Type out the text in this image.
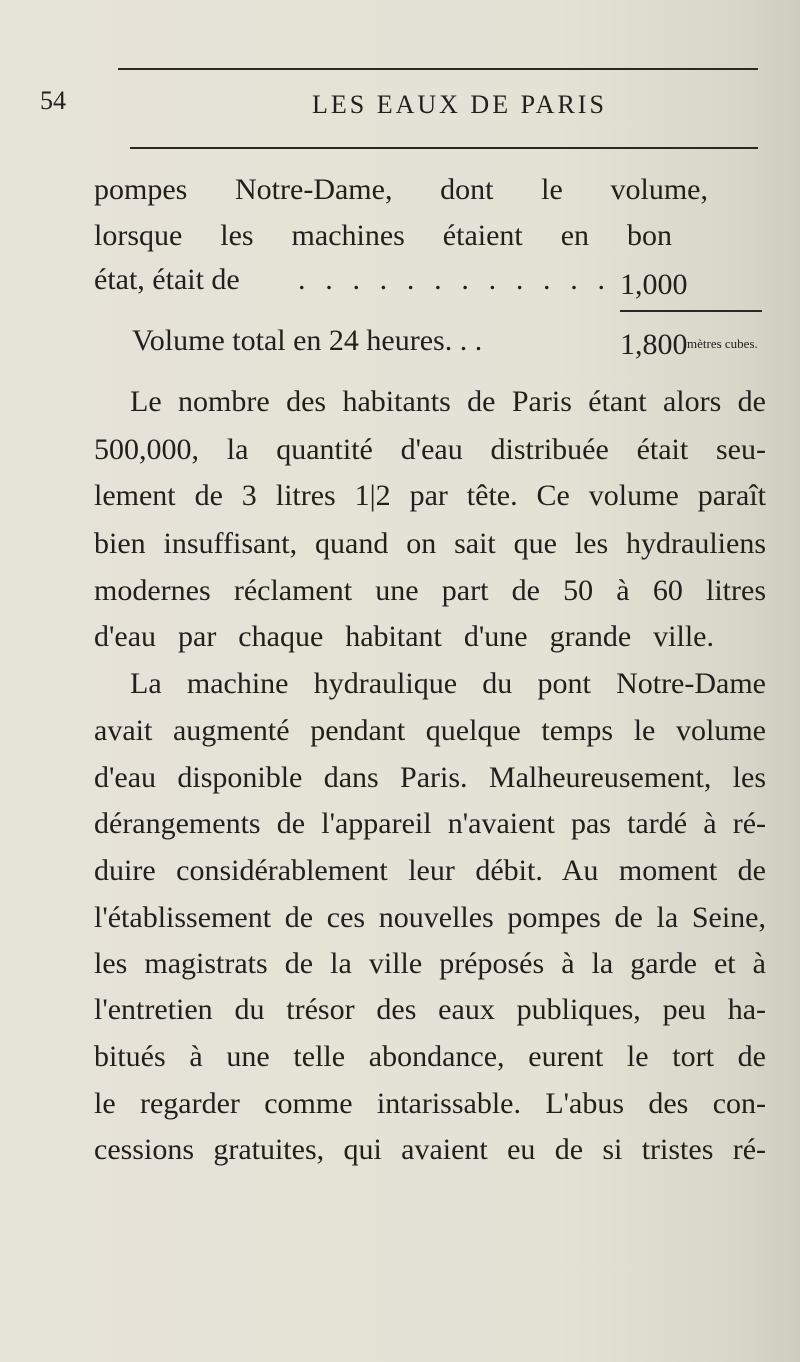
54	LES EAUX DE PARIS
pompes Notre-Dame, dont le volume,
lorsque les machines étaient en bon
état, était de . . . . . . . . . . . . 1,000
Volume total en 24 heures. . .	1,800 mètres cubes.
Le nombre des habitants de Paris étant alors de
500,000, la quantité d'eau distribuée était seu-
lement de 3 litres 1|2 par tête. Ce volume paraît
bien insuffisant, quand on sait que les hydrauliens
modernes réclament une part de 50 à 60 litres
d'eau par chaque habitant d'une grande ville.
La machine hydraulique du pont Notre-Dame
avait augmenté pendant quelque temps le volume
d'eau disponible dans Paris. Malheureusement, les
dérangements de l'appareil n'avaient pas tardé à ré-
duire considérablement leur débit. Au moment de
l'établissement de ces nouvelles pompes de la Seine,
les magistrats de la ville préposés à la garde et à
l'entretien du trésor des eaux publiques, peu ha-
bitués à une telle abondance, eurent le tort de
le regarder comme intarissable. L'abus des con-
cessions gratuites, qui avaient eu de si tristes ré-
